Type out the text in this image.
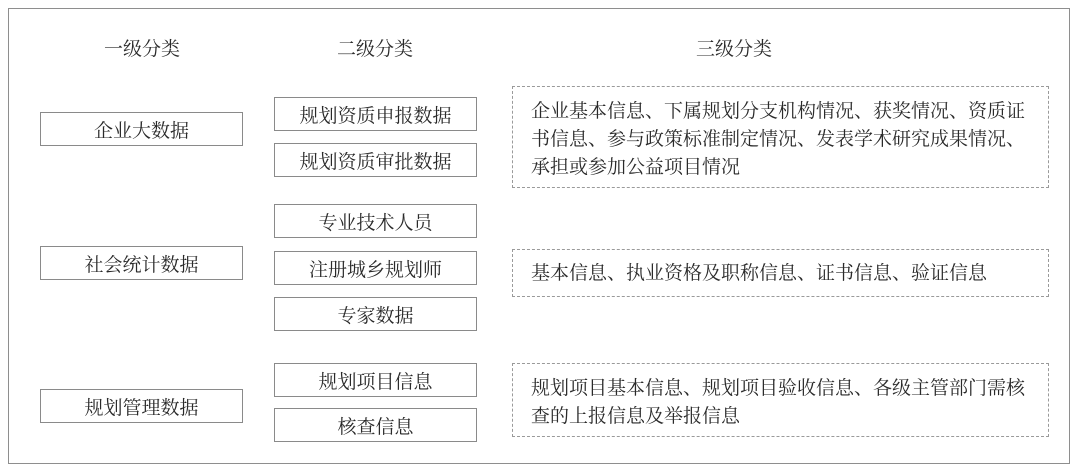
一级分类	二级分类	三级分类
企业大数据
社会统计数据
规划管理数据
规划资质申报数据
规划资质审批数据
专业技术人员
注册城乡规划师
专家数据
规划项目信息
核查信息
企业基本信息、下属规划分支机构情况、获奖情况、资质证书信息、参与政策标准制定情况、发表学术研究成果情况、承担或参加公益项目情况
基本信息、执业资格及职称信息、证书信息、验证信息
规划项目基本信息、规划项目验收信息、各级主管部门需核查的上报信息及举报信息
